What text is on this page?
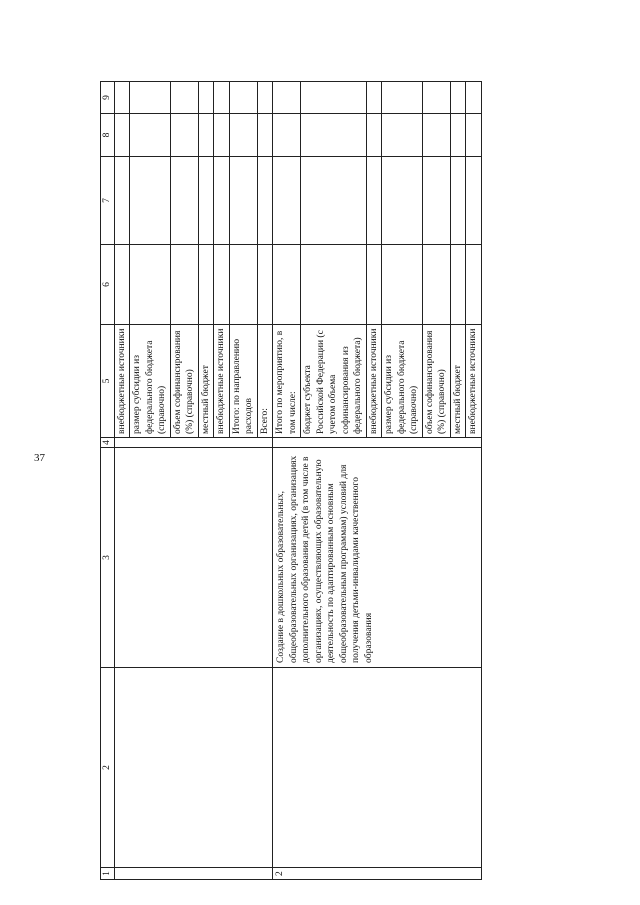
37
1	2	3	4	5	6	7	8	9
				внебюджетные источники				
				размер субсидии из федерального бюджета (справочно)				
				объем софинансирования (%) (справочно)				
				местный бюджет				
				внебюджетные источники				
				Итого: по направлению расходов				
				Всего:				
2		Создание в дошкольных образовательных, общеобразовательных организациях, организациях дополнительного образования детей (в том числе в организациях, осуществляющих образовательную деятельность по адаптированным основным общеобразовательным программам) условий для получения детьми-инвалидами качественного образования		Итого по мероприятию, в том числе:				
				бюджет субъекта Российской Федерации (с учетом объема софинансирования из федерального бюджета)				
				внебюджетные источники				
				размер субсидии из федерального бюджета (справочно)				
				объем софинансирования (%) (справочно)				
				местный бюджет				
				внебюджетные источники				
